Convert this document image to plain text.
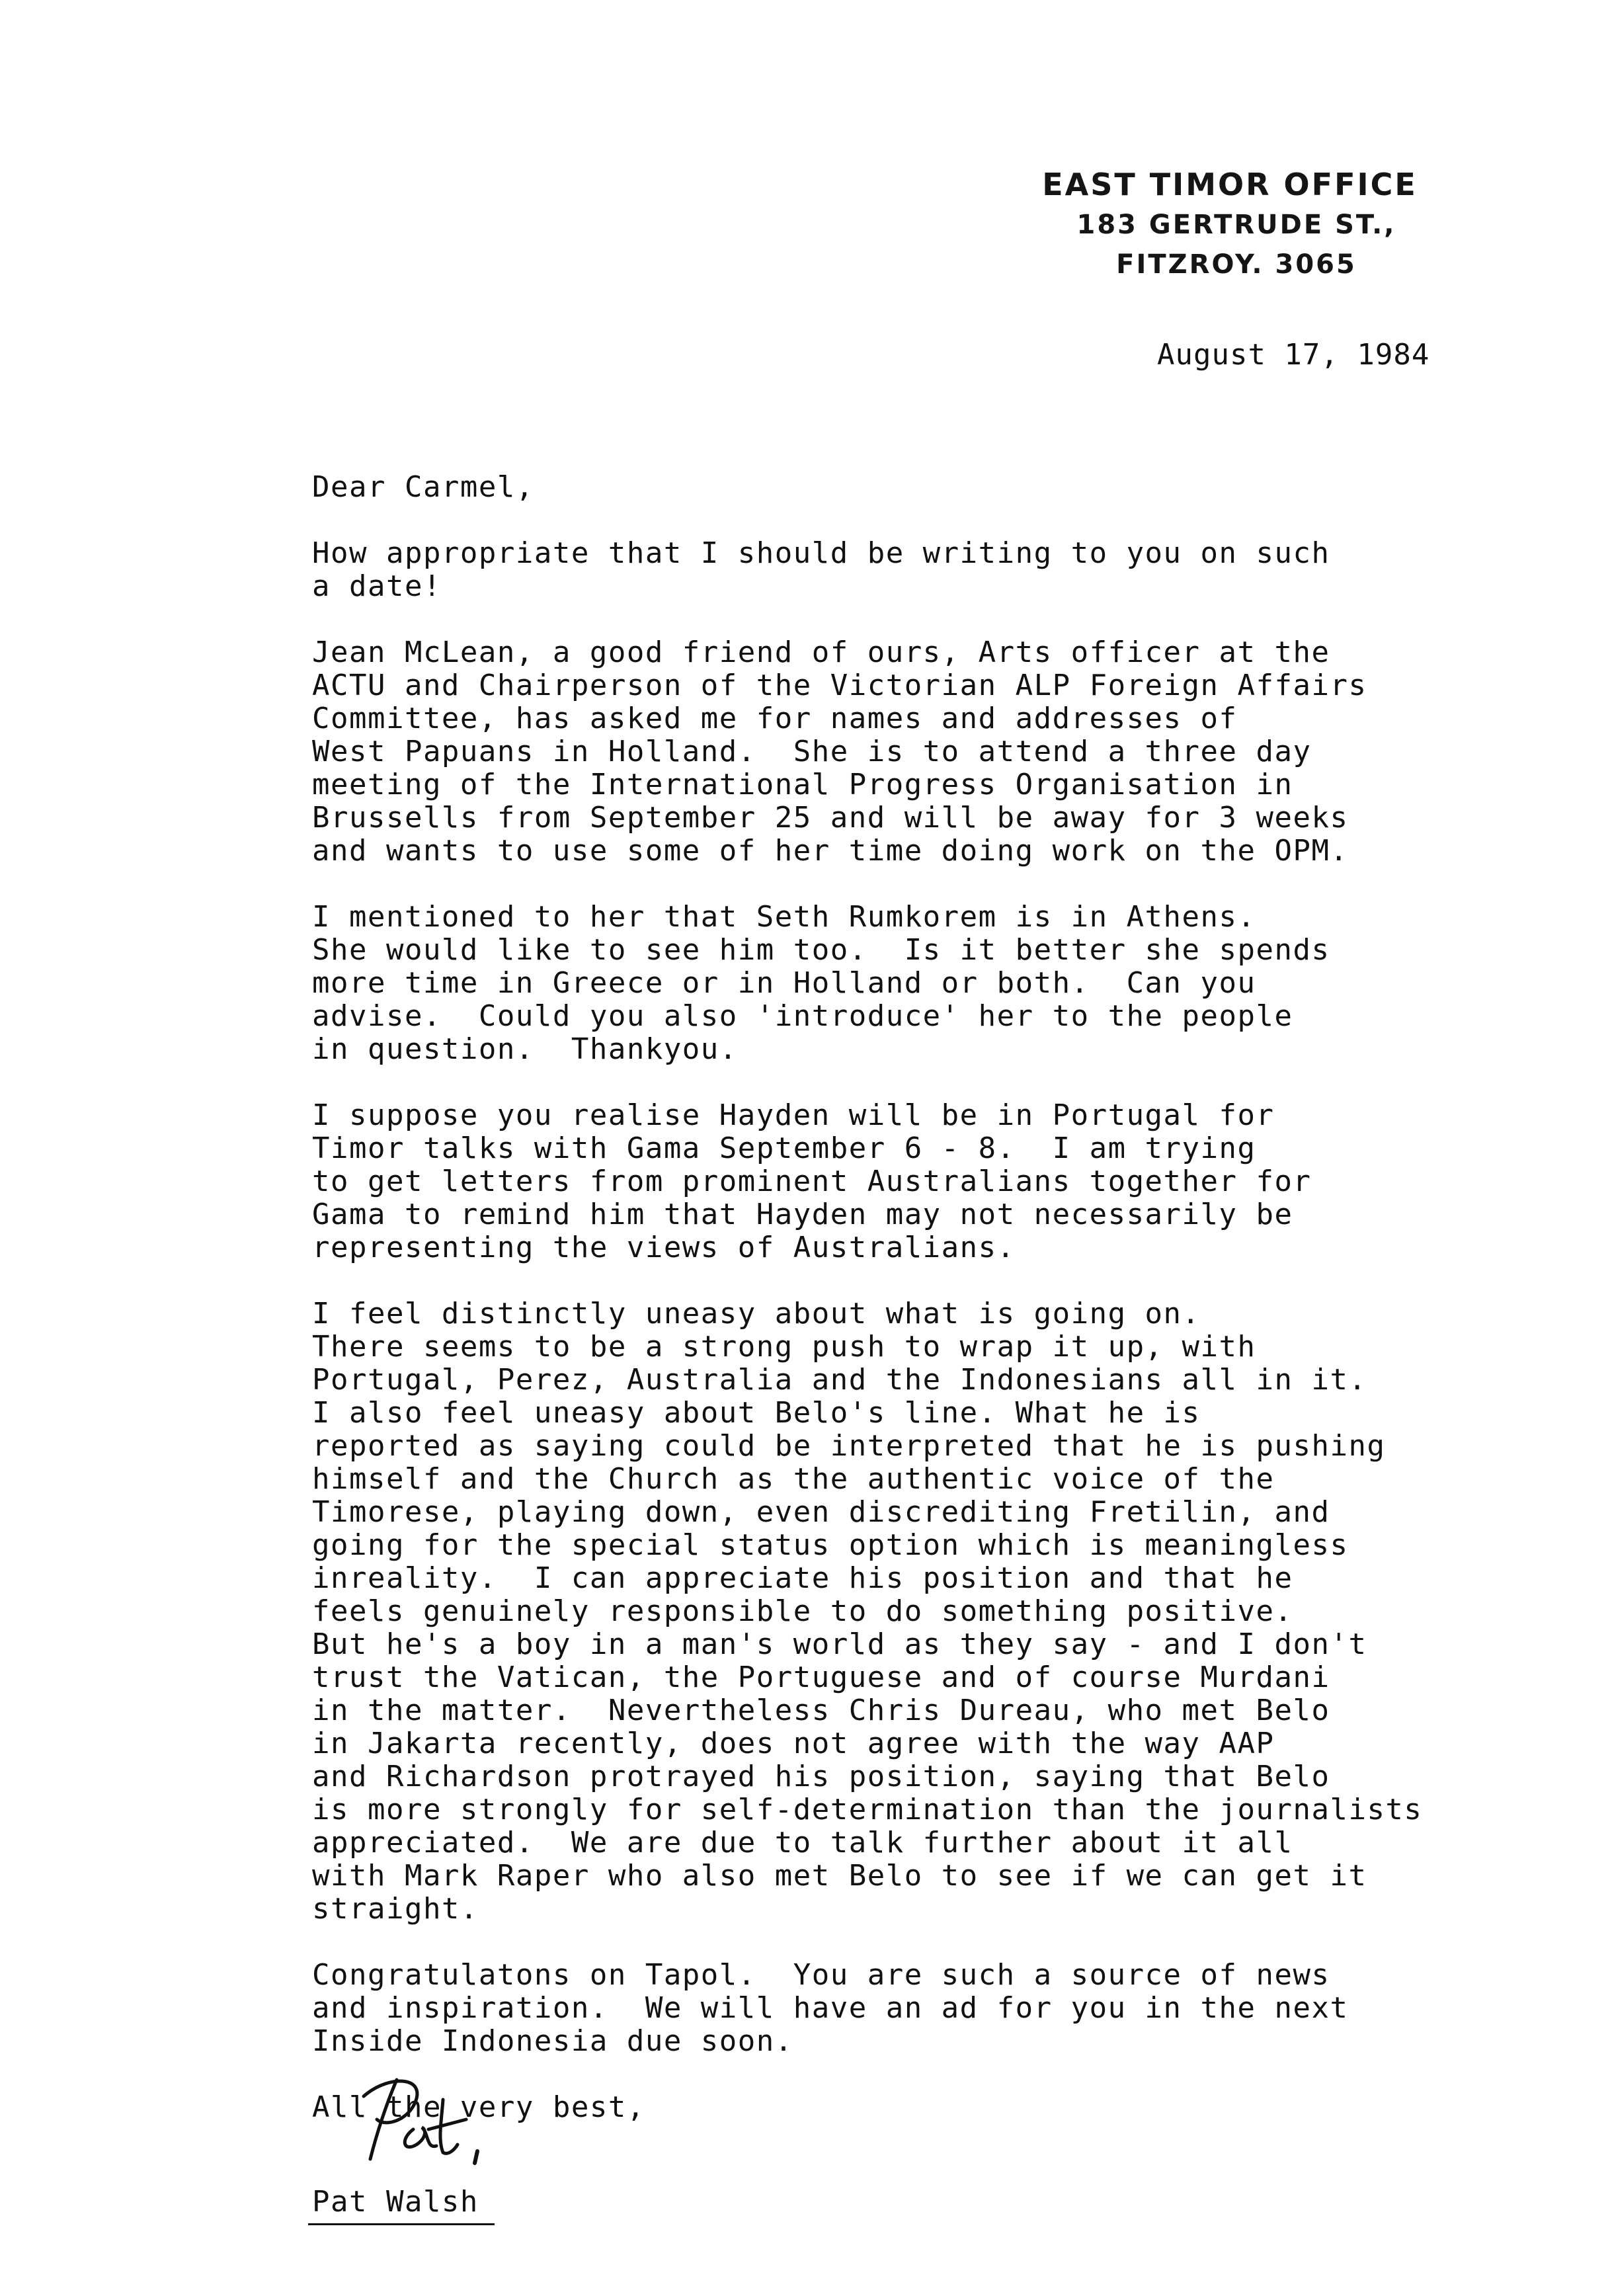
EAST TIMOR OFFICE
183 GERTRUDE ST.,
FITZROY. 3065
August 17, 1984
Dear Carmel,
How appropriate that I should be writing to you on such
a date!
Jean McLean, a good friend of ours, Arts officer at the
ACTU and Chairperson of the Victorian ALP Foreign Affairs
Committee, has asked me for names and addresses of
West Papuans in Holland.  She is to attend a three day
meeting of the International Progress Organisation in
Brussells from September 25 and will be away for 3 weeks
and wants to use some of her time doing work on the OPM.
I mentioned to her that Seth Rumkorem is in Athens.
She would like to see him too.  Is it better she spends
more time in Greece or in Holland or both.  Can you
advise.  Could you also 'introduce' her to the people
in question.  Thankyou.
I suppose you realise Hayden will be in Portugal for
Timor talks with Gama September 6 - 8.  I am trying
to get letters from prominent Australians together for
Gama to remind him that Hayden may not necessarily be
representing the views of Australians.
I feel distinctly uneasy about what is going on.
There seems to be a strong push to wrap it up, with
Portugal, Perez, Australia and the Indonesians all in it.
I also feel uneasy about Belo's line. What he is
reported as saying could be interpreted that he is pushing
himself and the Church as the authentic voice of the
Timorese, playing down, even discrediting Fretilin, and
going for the special status option which is meaningless
inreality.  I can appreciate his position and that he
feels genuinely responsible to do something positive.
But he's a boy in a man's world as they say - and I don't
trust the Vatican, the Portuguese and of course Murdani
in the matter.  Nevertheless Chris Dureau, who met Belo
in Jakarta recently, does not agree with the way AAP
and Richardson protrayed his position, saying that Belo
is more strongly for self-determination than the journalists
appreciated.  We are due to talk further about it all
with Mark Raper who also met Belo to see if we can get it
straight.
Congratulatons on Tapol.  You are such a source of news
and inspiration.  We will have an ad for you in the next
Inside Indonesia due soon.
All the very best,
Pat Walsh
